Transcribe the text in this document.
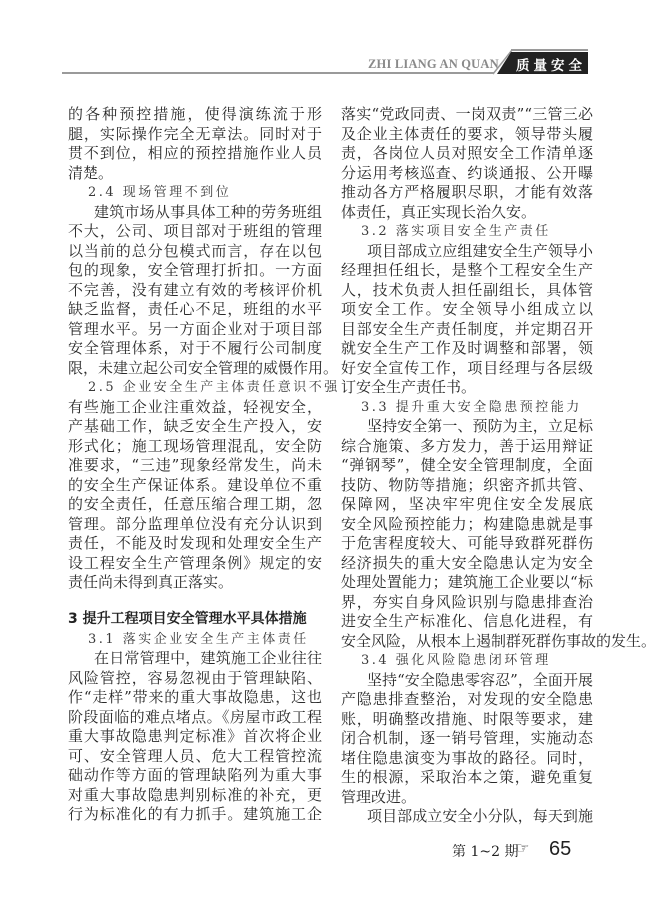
ZHI LIANG AN QUAN 质量安全
的各种预控措施，使得演练流于形
腿，实际操作完全无章法。同时对于
贯不到位，相应的预控措施作业人员
清楚。
2.4 现场管理不到位
建筑市场从事具体工种的劳务班组
不大，公司、项目部对于班组的管理
以当前的总分包模式而言，存在以包
包的现象，安全管理打折扣。一方面
不完善，没有建立有效的考核评价机
缺乏监督，责任心不足，班组的水平
管理水平。另一方面企业对于项目部
安全管理体系，对于不履行公司制度
限，未建立起公司安全管理的威慑作用。
2.5 企业安全生产主体责任意识不强
有些施工企业注重效益，轻视安全，
产基础工作，缺乏安全生产投入，安
形式化；施工现场管理混乱，安全防
准要求，“三违”现象经常发生，尚未
的安全生产保证体系。建设单位不重
的安全责任，任意压缩合理工期，忽
管理。部分监理单位没有充分认识到
责任，不能及时发现和处理安全生产
设工程安全生产管理条例》规定的安
责任尚未得到真正落实。
3 提升工程项目安全管理水平具体措施
3.1 落实企业安全生产主体责任
在日常管理中，建筑施工企业往往
风险管控，容易忽视由于管理缺陷、
作“走样”带来的重大事故隐患，这也
阶段面临的难点堵点。《房屋市政工程
重大事故隐患判定标准》首次将企业
可、安全管理人员、危大工程管控流
础动作等方面的管理缺陷列为重大事
对重大事故隐患判别标准的补充，更
行为标准化的有力抓手。建筑施工企
落实“党政同责、一岗双责”“三管三必
及企业主体责任的要求，领导带头履
责，各岗位人员对照安全工作清单逐
分运用考核巡查、约谈通报、公开曝
推动各方严格履职尽职，才能有效落
体责任，真正实现长治久安。
3.2 落实项目安全生产责任
项目部成立应组建安全生产领导小
经理担任组长，是整个工程安全生产
人，技术负责人担任副组长，具体管
项安全工作。安全领导小组成立以
目部安全生产责任制度，并定期召开
就安全生产工作及时调整和部署，领
好安全宣传工作，项目经理与各层级
订安全生产责任书。
3.3 提升重大安全隐患预控能力
坚持安全第一、预防为主，立足标
综合施策、多方发力，善于运用辩证
“弹钢琴”，健全安全管理制度，全面
技防、物防等措施；织密齐抓共管、
保障网，坚决牢牢兜住安全发展底
安全风险预控能力；构建隐患就是事
于危害程度较大、可能导致群死群伤
经济损失的重大安全隐患认定为安全
处理处置能力；建筑施工企业要以“标
界，夯实自身风险识别与隐患排查治
进安全生产标准化、信息化进程，有
安全风险，从根本上遏制群死群伤事故的发生。
3.4 强化风险隐患闭环管理
坚持“安全隐患零容忍”，全面开展
产隐患排查整治，对发现的安全隐患
账，明确整改措施、时限等要求，建
闭合机制，逐一销号管理，实施动态
堵住隐患演变为事故的路径。同时，
生的根源，采取治本之策，避免重复
管理改进。
项目部成立安全小分队，每天到施
第 1~2 期
☞ 65
